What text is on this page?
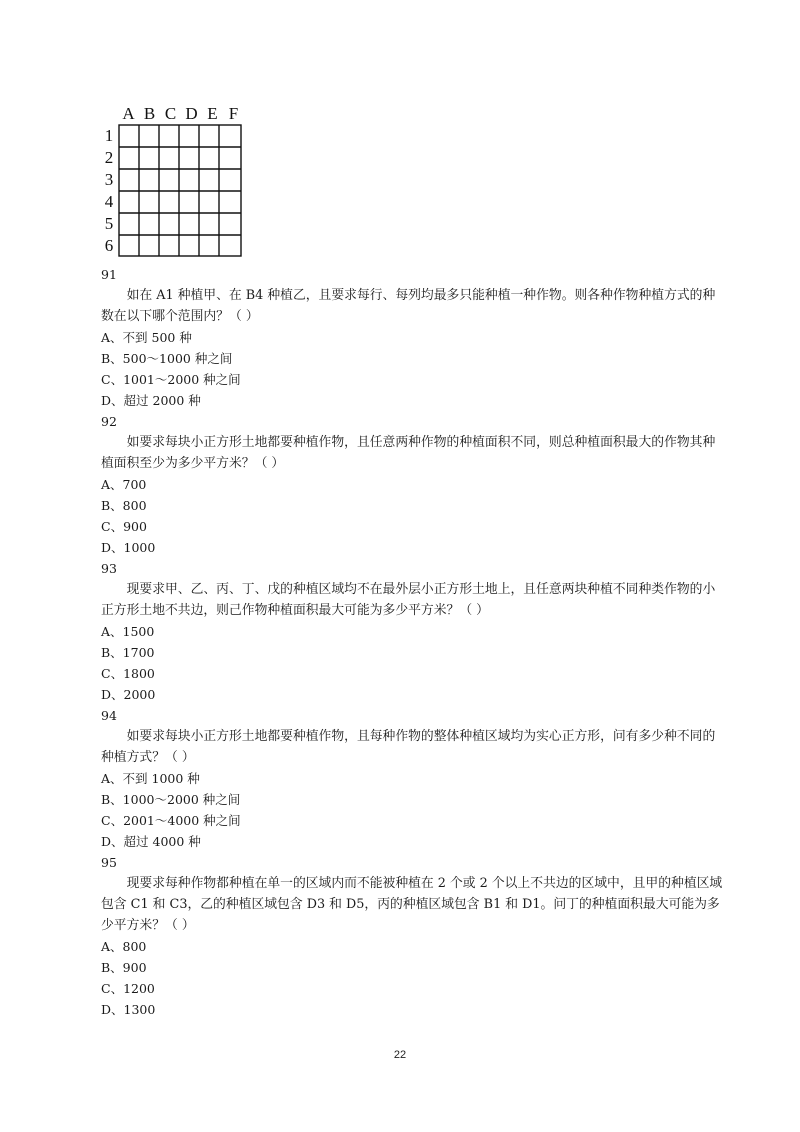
A B C D E F
1
2
3
4
5
6
91
如在 A1 种植甲、在 B4 种植乙，且要求每行、每列均最多只能种植一种作物。则各种作物种植方式的种数在以下哪个范围内？（ ）
A、不到 500 种
B、500～1000 种之间
C、1001～2000 种之间
D、超过 2000 种
92
如要求每块小正方形土地都要种植作物，且任意两种作物的种植面积不同，则总种植面积最大的作物其种植面积至少为多少平方米？（ ）
A、700
B、800
C、900
D、1000
93
现要求甲、乙、丙、丁、戊的种植区域均不在最外层小正方形土地上，且任意两块种植不同种类作物的小正方形土地不共边，则己作物种植面积最大可能为多少平方米？（ ）
A、1500
B、1700
C、1800
D、2000
94
如要求每块小正方形土地都要种植作物，且每种作物的整体种植区域均为实心正方形，问有多少种不同的种植方式？（ ）
A、不到 1000 种
B、1000～2000 种之间
C、2001～4000 种之间
D、超过 4000 种
95
现要求每种作物都种植在单一的区域内而不能被种植在 2 个或 2 个以上不共边的区域中，且甲的种植区域包含 C1 和 C3，乙的种植区域包含 D3 和 D5，丙的种植区域包含 B1 和 D1。问丁的种植面积最大可能为多少平方米？（ ）
A、800
B、900
C、1200
D、1300
22
